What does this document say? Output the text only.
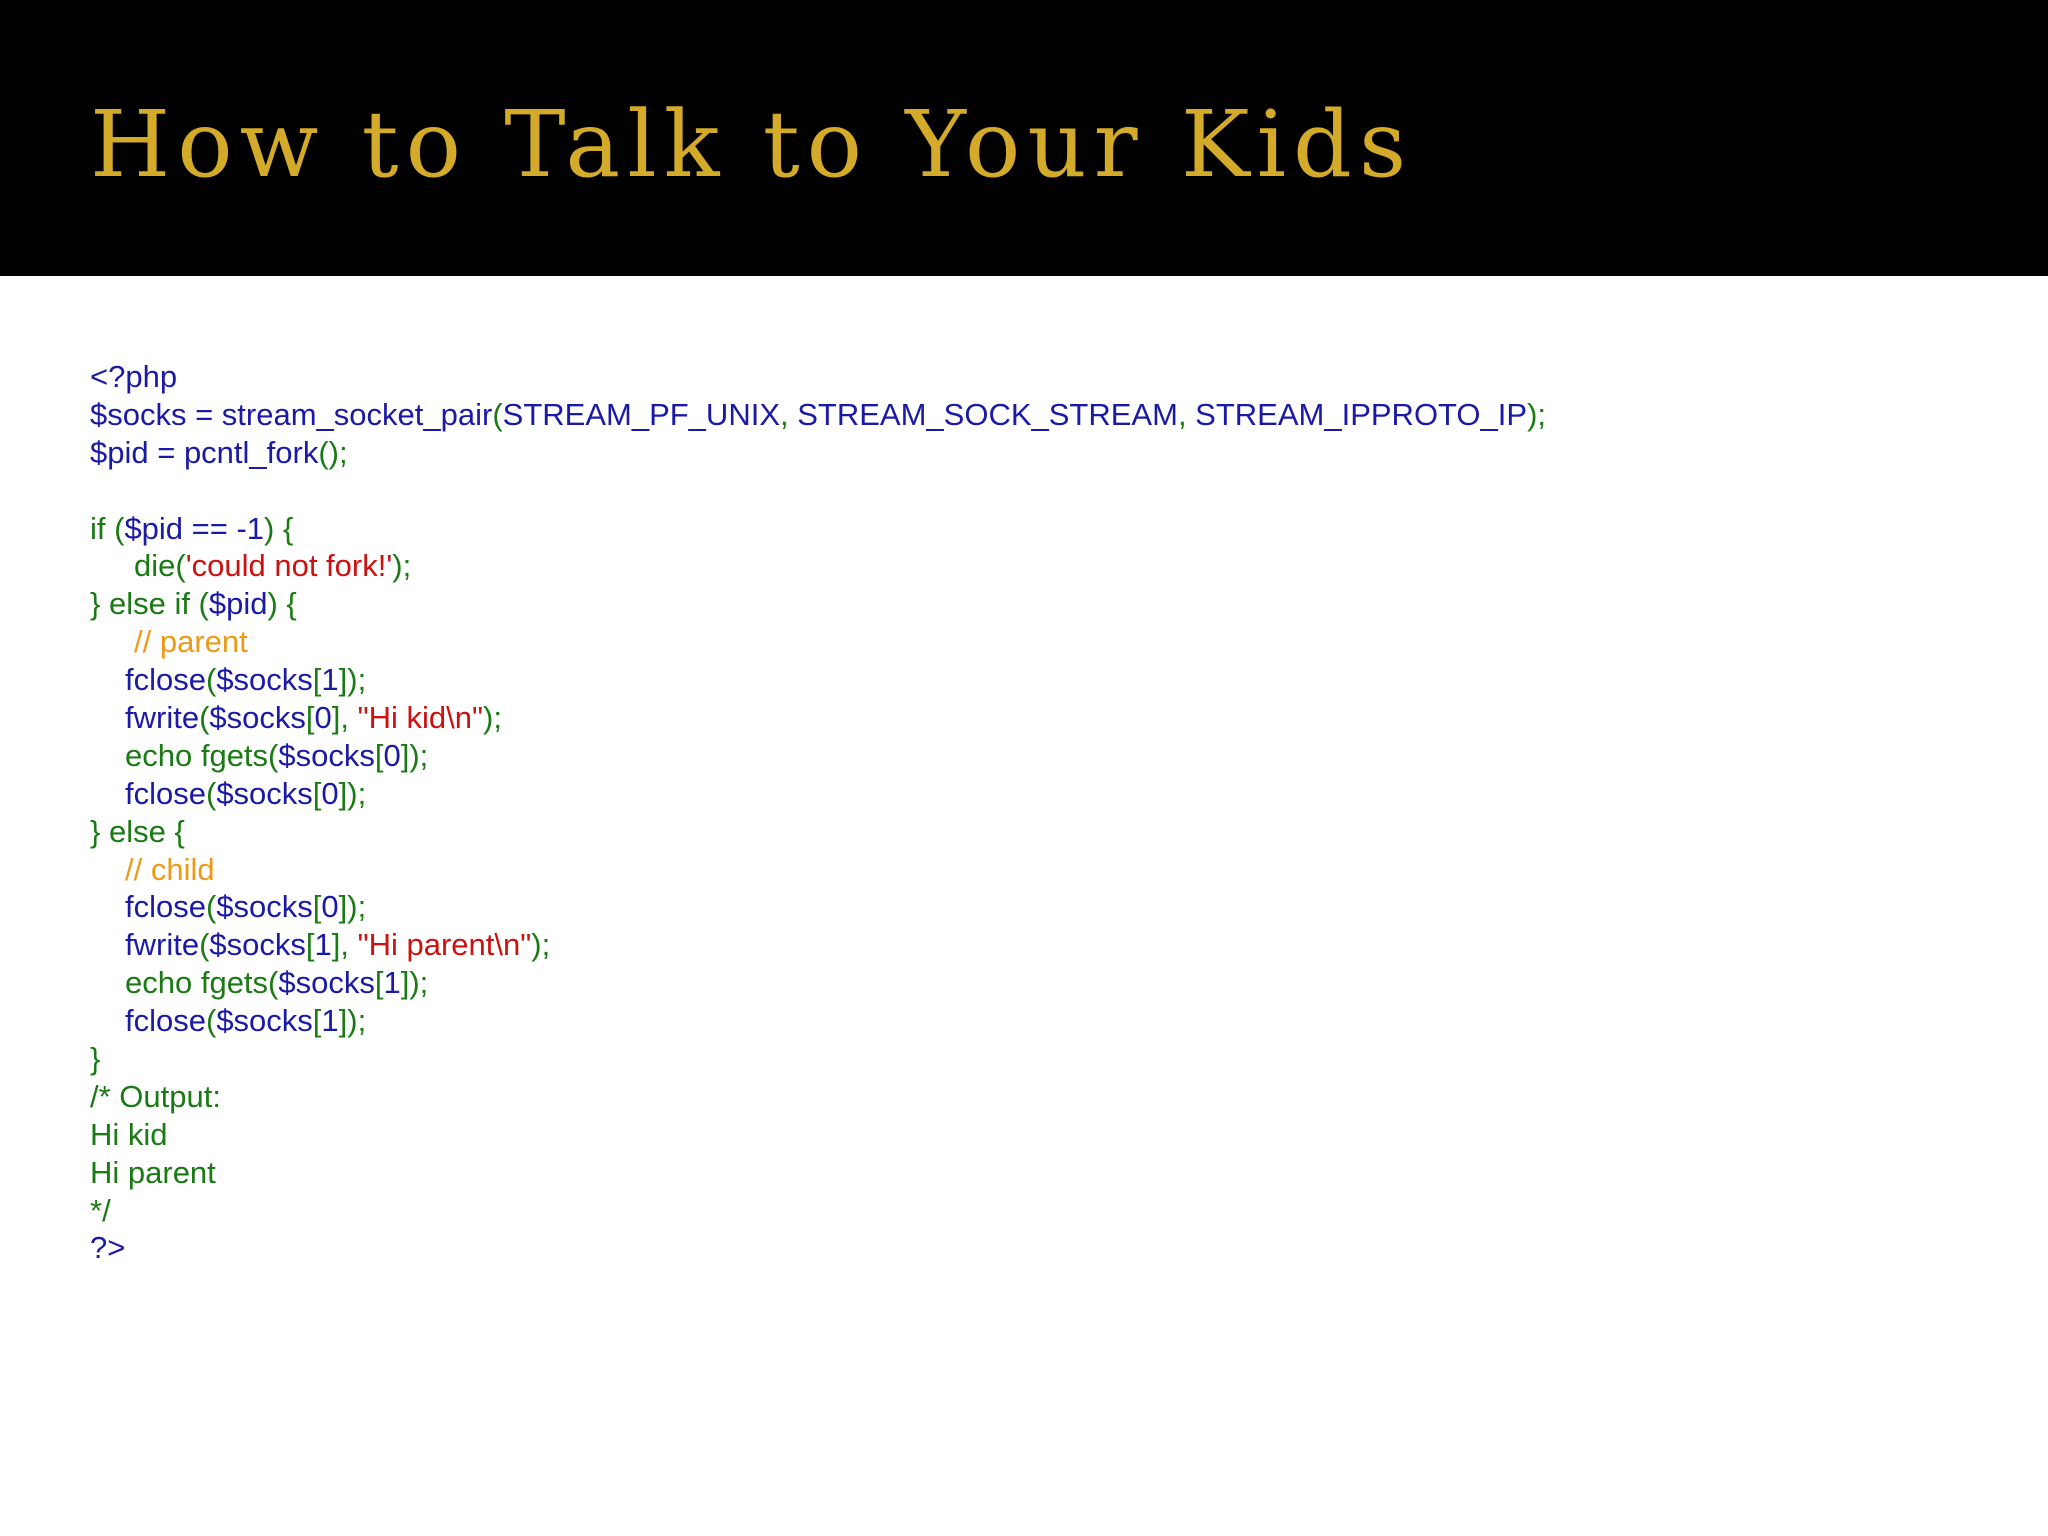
How to Talk to Your Kids
<?php
$socks = stream_socket_pair(STREAM_PF_UNIX, STREAM_SOCK_STREAM, STREAM_IPPROTO_IP);
$pid = pcntl_fork();

if ($pid == -1) {
die('could not fork!');
} else if ($pid) {
// parent
fclose($socks[1]);
fwrite($socks[0], "Hi kid\n");
echo fgets($socks[0]);
fclose($socks[0]);
} else {
// child
fclose($socks[0]);
fwrite($socks[1], "Hi parent\n");
echo fgets($socks[1]);
fclose($socks[1]);
}
/* Output:
Hi kid
Hi parent
*/
?>
